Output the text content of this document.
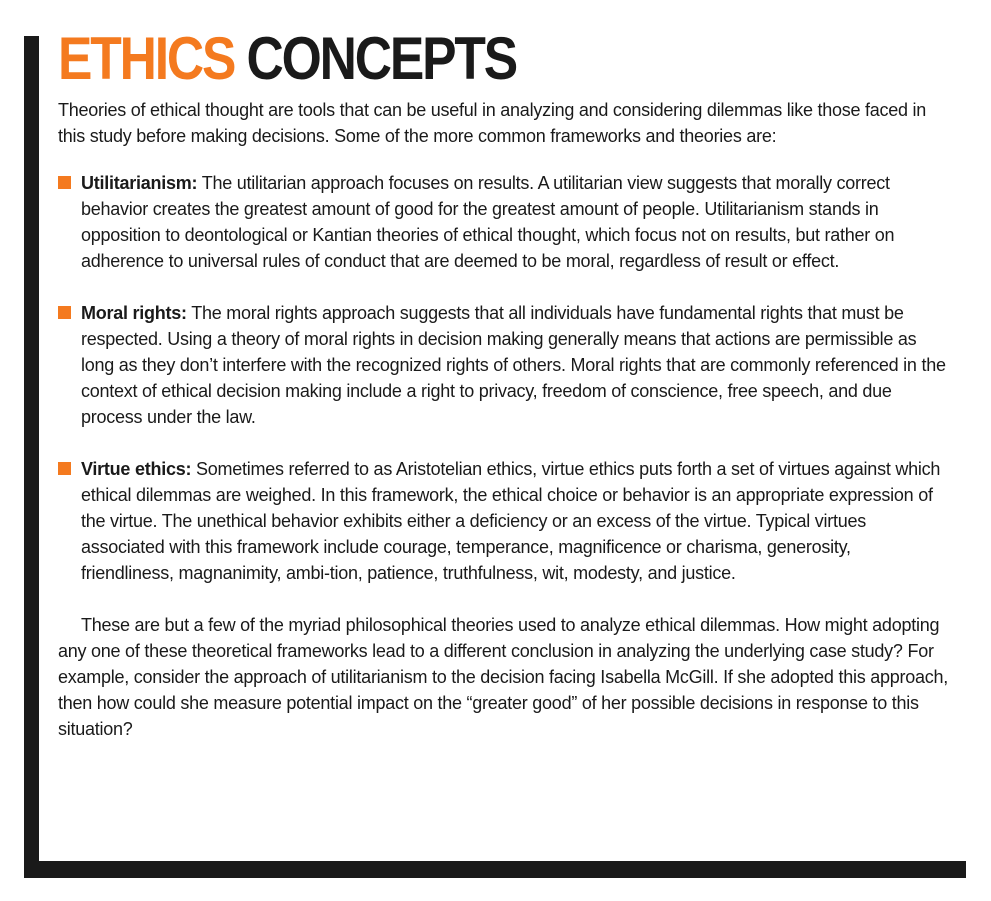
ETHICS CONCEPTS

Theories of ethical thought are tools that can be useful in analyzing and considering dilemmas like those faced in this study before making decisions. Some of the more common frameworks and theories are:

Utilitarianism: The utilitarian approach focuses on results. A utilitarian view suggests that morally correct behavior creates the greatest amount of good for the greatest amount of people. Utilitarianism stands in opposition to deontological or Kantian theories of ethical thought, which focus not on results, but rather on adherence to universal rules of conduct that are deemed to be moral, regardless of result or effect.
Moral rights: The moral rights approach suggests that all individuals have fundamental rights that must be respected. Using a theory of moral rights in decision making generally means that actions are permissible as long as they don’t interfere with the recognized rights of others. Moral rights that are commonly referenced in the context of ethical decision making include a right to privacy, freedom of conscience, free speech, and due process under the law.
Virtue ethics: Sometimes referred to as Aristotelian ethics, virtue ethics puts forth a set of virtues against which ethical dilemmas are weighed. In this framework, the ethical choice or behavior is an appropriate expression of the virtue. The unethical behavior exhibits either a deficiency or an excess of the virtue. Typical virtues associated with this framework include courage, temperance, magnificence or charisma, generosity, friendliness, magnanimity, ambi-tion, patience, truthfulness, wit, modesty, and justice.

These are but a few of the myriad philosophical theories used to analyze ethical dilemmas. How might adopting any one of these theoretical frameworks lead to a different conclusion in analyzing the underlying case study? For example, consider the approach of utilitarianism to the decision facing Isabella McGill. If she adopted this approach, then how could she measure potential impact on the “greater good” of her possible decisions in response to this situation?
